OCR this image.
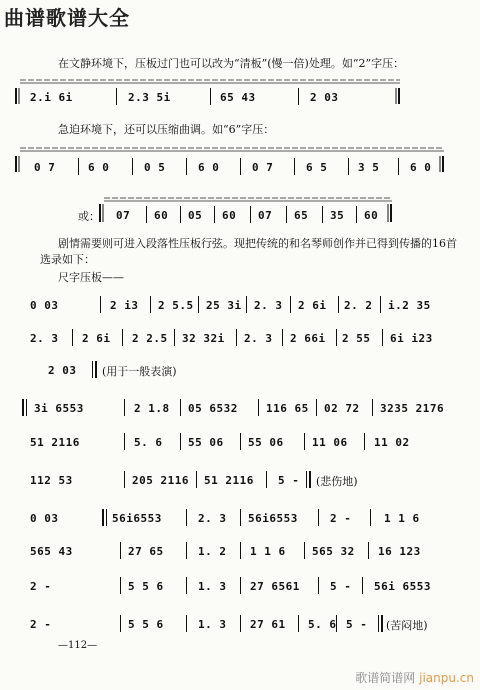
曲谱歌谱大全
在文静环境下，压板过门也可以改为“清板”(慢一倍)处理。如“2”字压：
2.i 6i	2.3 5i	65 43	2 03
急迫环境下，还可以压缩曲调。如“6”字压：
0 7	6 0	0 5	6 0	0 7	6 5	3 5	6 0
或： 07 60 05 60 07 65 35 60
剧情需要则可进入段落性压板行弦。现把传统的和名琴师创作并已得到传播的16首
选录如下：
尺字压板——
0 03	2 i3 2 5.5 25 3i 2. 3 2 6i 2. 2 i.2 35
2. 3 2 6i 2 2.5 32 32i 2. 3 2 66i 2 55 6i i23
2 03 (用于一般表演)
3i 6553	2 1.8 05 6532	116 65 02 72 3235 2176
51 2116	5. 6 55 06 55 06	11 06 11 02
112 53	205 2116 51 2116 5 - (悲伤地)
0 03	56i6553	2. 3 56i6553	2 -	1 1 6
565 43	27 65	1. 2 1 1 6 565 32 16 123
2 -	5 5 6	1. 3 27 6561	5 - 56i 6553
2 -	5 5 6	1. 3 27 61 5. 6 5 - (苦闷地)
—112—
歌谱简谱网 jianpu.cn
